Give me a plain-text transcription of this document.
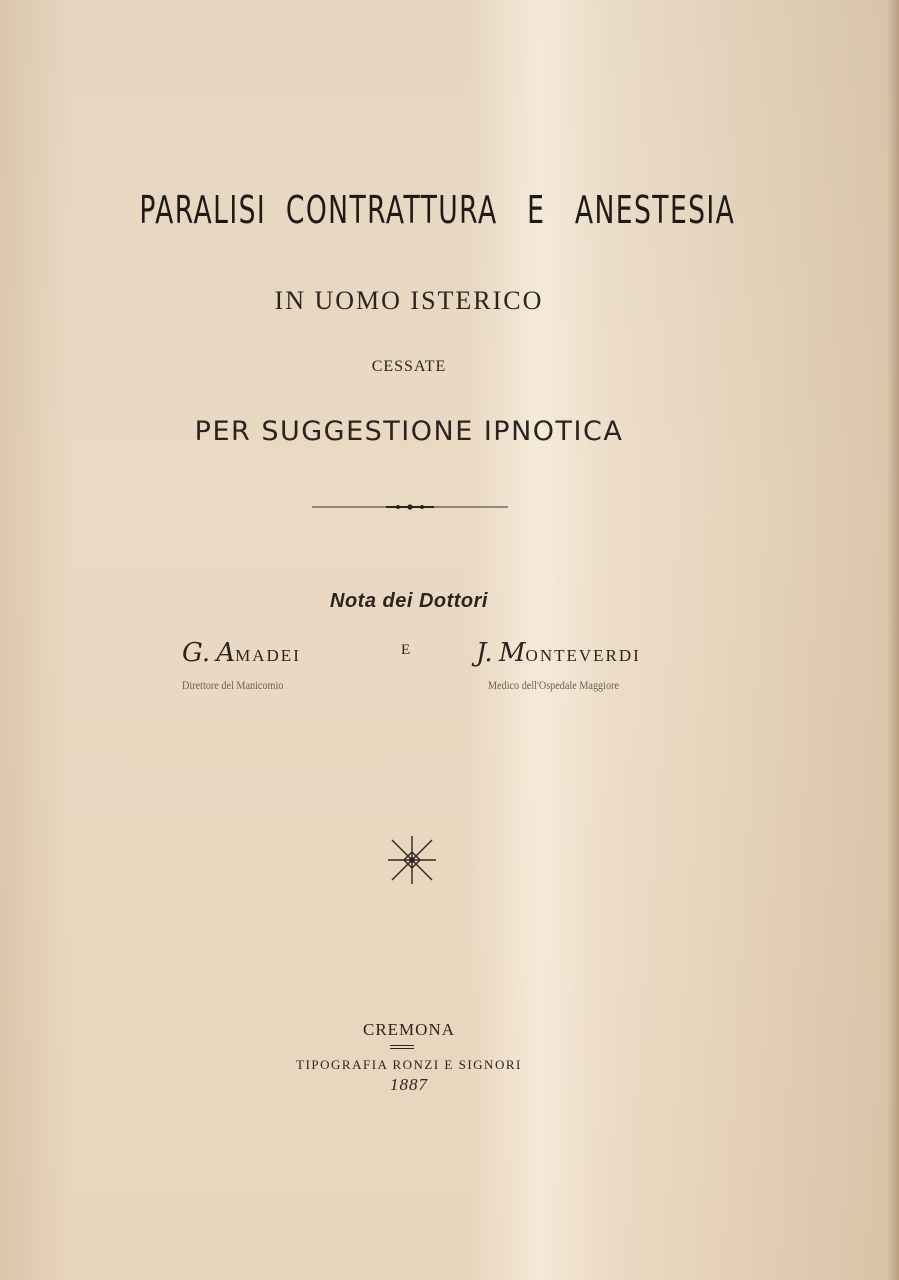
PARALISI CONTRATTURA E ANESTESIA
IN UOMO ISTERICO
CESSATE
PER SUGGESTIONE IPNOTICA
Nota dei Dottori
G. AMADEI	E	J. MONTEVERDI
Direttore del Manicomio	Medico dell'Ospedale Maggiore
CREMONA
TIPOGRAFIA RONZI E SIGNORI
1887
